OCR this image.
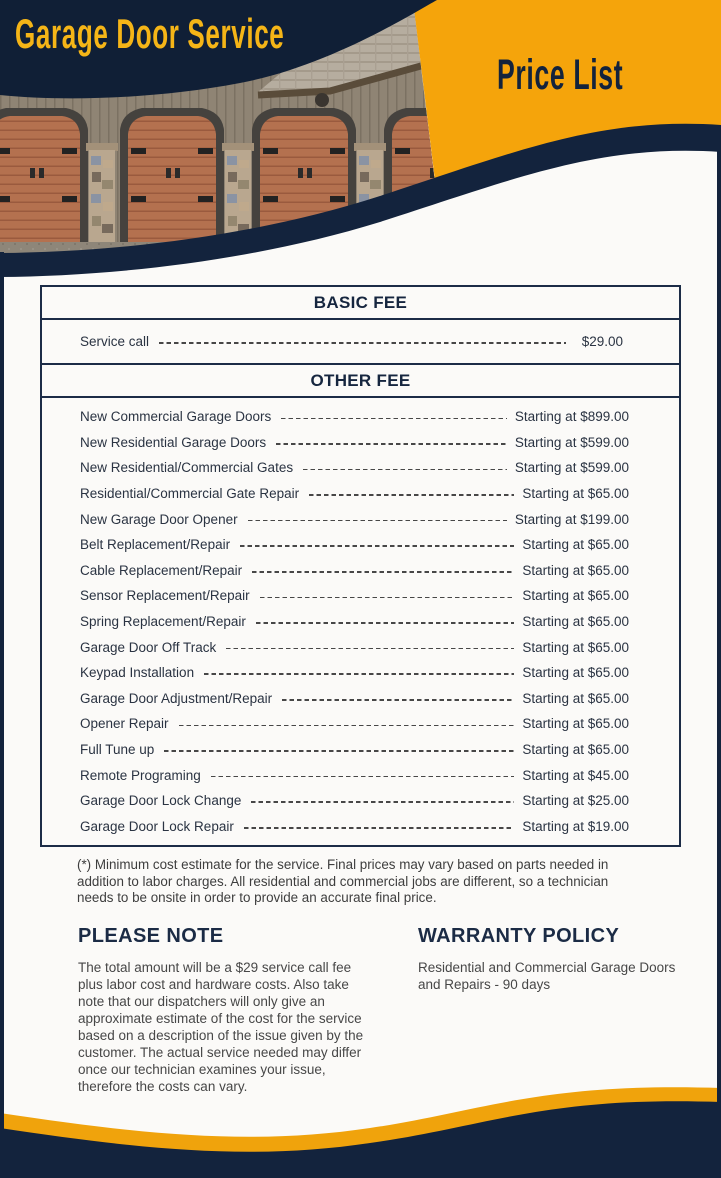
Garage Door Service
Price List
BASIC FEE
Service call	$29.00
OTHER FEE
New Commercial Garage Doors	Starting at $899.00
New Residential Garage Doors	Starting at $599.00
New Residential/Commercial Gates	Starting at $599.00
Residential/Commercial Gate Repair	Starting at $65.00
New Garage Door Opener	Starting at $199.00
Belt Replacement/Repair	Starting at $65.00
Cable Replacement/Repair	Starting at $65.00
Sensor Replacement/Repair	Starting at $65.00
Spring Replacement/Repair	Starting at $65.00
Garage Door Off Track	Starting at $65.00
Keypad Installation	Starting at $65.00
Garage Door Adjustment/Repair	Starting at $65.00
Opener Repair	Starting at $65.00
Full Tune up	Starting at $65.00
Remote Programing	Starting at $45.00
Garage Door Lock Change	Starting at $25.00
Garage Door Lock Repair	Starting at $19.00
(*) Minimum cost estimate for the service. Final prices may vary based on parts needed in addition to labor charges. All residential and commercial jobs are different, so a technician needs to be onsite in order to provide an accurate final price.
PLEASE NOTE
The total amount will be a $29 service call fee plus labor cost and hardware costs. Also take note that our dispatchers will only give an approximate estimate of the cost for the service based on a description of the issue given by the customer. The actual service needed may differ once our technician examines your issue, therefore the costs can vary.
WARRANTY POLICY
Residential and Commercial Garage Doors and Repairs - 90 days
